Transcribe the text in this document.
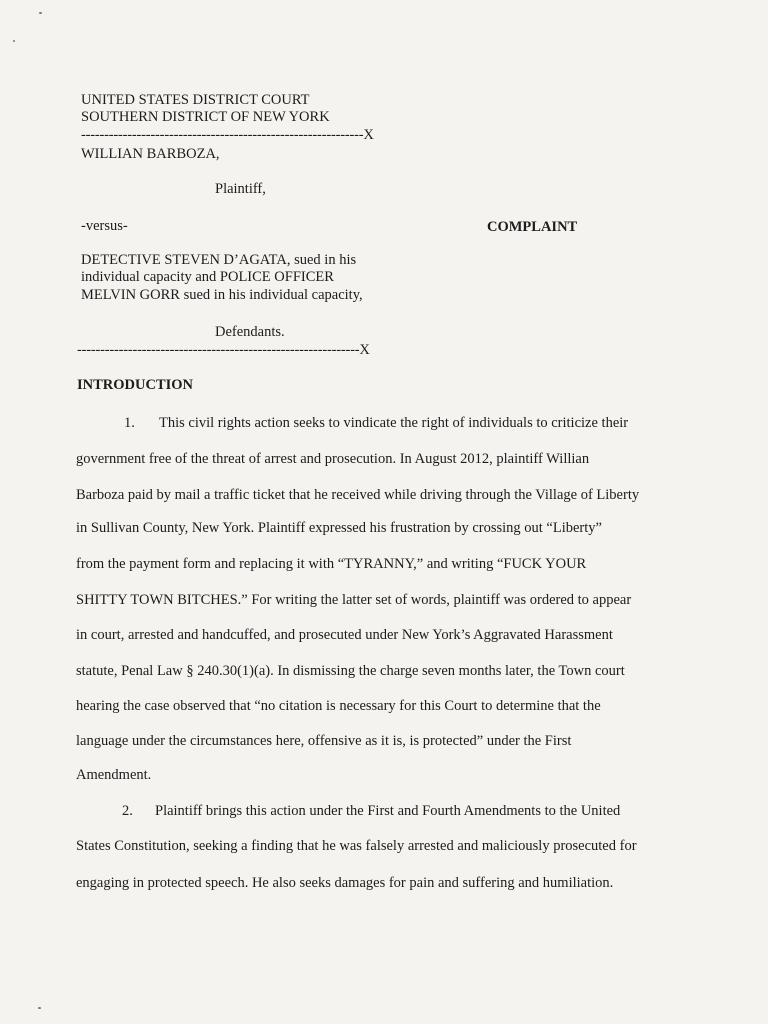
UNITED STATES DISTRICT COURT
SOUTHERN DISTRICT OF NEW YORK
-------------------------------------------------------------X
WILLIAN BARBOZA,
Plaintiff,
-versus-	COMPLAINT
DETECTIVE STEVEN D’AGATA, sued in his
individual capacity and POLICE OFFICER
MELVIN GORR sued in his individual capacity,
Defendants.
-------------------------------------------------------------X
INTRODUCTION
1. This civil rights action seeks to vindicate the right of individuals to criticize their
government free of the threat of arrest and prosecution. In August 2012, plaintiff Willian
Barboza paid by mail a traffic ticket that he received while driving through the Village of Liberty
in Sullivan County, New York. Plaintiff expressed his frustration by crossing out “Liberty”
from the payment form and replacing it with “TYRANNY,” and writing “FUCK YOUR
SHITTY TOWN BITCHES.” For writing the latter set of words, plaintiff was ordered to appear
in court, arrested and handcuffed, and prosecuted under New York’s Aggravated Harassment
statute, Penal Law § 240.30(1)(a). In dismissing the charge seven months later, the Town court
hearing the case observed that “no citation is necessary for this Court to determine that the
language under the circumstances here, offensive as it is, is protected” under the First
Amendment.
2. Plaintiff brings this action under the First and Fourth Amendments to the United
States Constitution, seeking a finding that he was falsely arrested and maliciously prosecuted for
engaging in protected speech. He also seeks damages for pain and suffering and humiliation.
